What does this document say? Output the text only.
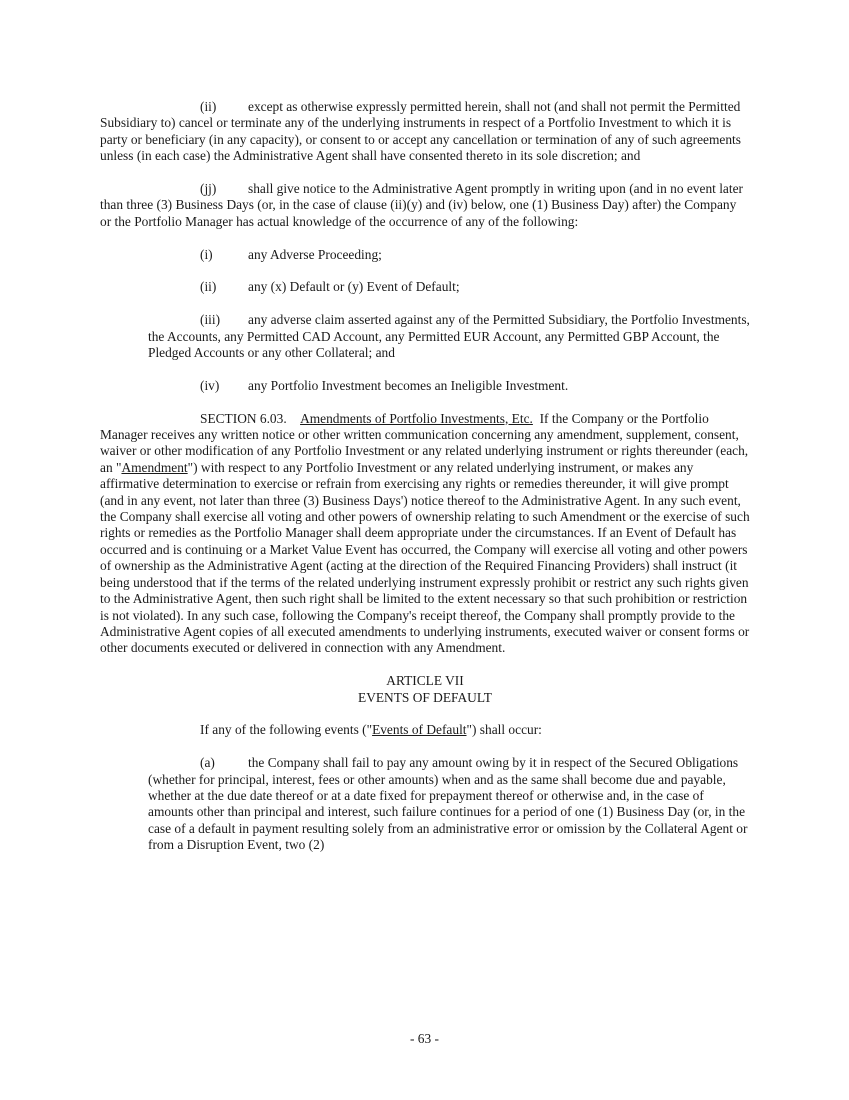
(ii) except as otherwise expressly permitted herein, shall not (and shall not permit the Permitted Subsidiary to) cancel or terminate any of the underlying instruments in respect of a Portfolio Investment to which it is party or beneficiary (in any capacity), or consent to or accept any cancellation or termination of any of such agreements unless (in each case) the Administrative Agent shall have consented thereto in its sole discretion; and

(jj) shall give notice to the Administrative Agent promptly in writing upon (and in no event later than three (3) Business Days (or, in the case of clause (ii)(y) and (iv) below, one (1) Business Day) after) the Company or the Portfolio Manager has actual knowledge of the occurrence of any of the following:

(i)	any Adverse Proceeding;

(ii) any (x) Default or (y) Event of Default;

(iii) any adverse claim asserted against any of the Permitted Subsidiary, the Portfolio Investments, the Accounts, any Permitted CAD Account, any Permitted EUR Account, any Permitted GBP Account, the Pledged Accounts or any other Collateral; and

(iv) any Portfolio Investment becomes an Ineligible Investment.

SECTION 6.03. Amendments of Portfolio Investments, Etc. If the Company or the Portfolio Manager receives any written notice or other written communication concerning any amendment, supplement, consent, waiver or other modification of any Portfolio Investment or any related underlying instrument or rights thereunder (each, an "Amendment") with respect to any Portfolio Investment or any related underlying instrument, or makes any affirmative determination to exercise or refrain from exercising any rights or remedies thereunder, it will give prompt (and in any event, not later than three (3) Business Days') notice thereof to the Administrative Agent. In any such event, the Company shall exercise all voting and other powers of ownership relating to such Amendment or the exercise of such rights or remedies as the Portfolio Manager shall deem appropriate under the circumstances. If an Event of Default has occurred and is continuing or a Market Value Event has occurred, the Company will exercise all voting and other powers of ownership as the Administrative Agent (acting at the direction of the Required Financing Providers) shall instruct (it being understood that if the terms of the related underlying instrument expressly prohibit or restrict any such rights given to the Administrative Agent, then such right shall be limited to the extent necessary so that such prohibition or restriction is not violated). In any such case, following the Company's receipt thereof, the Company shall promptly provide to the Administrative Agent copies of all executed amendments to underlying instruments, executed waiver or consent forms or other documents executed or delivered in connection with any Amendment.

ARTICLE VII

EVENTS OF DEFAULT

If any of the following events ("Events of Default") shall occur:

(a) the Company shall fail to pay any amount owing by it in respect of the Secured Obligations (whether for principal, interest, fees or other amounts) when and as the same shall become due and payable, whether at the due date thereof or at a date fixed for prepayment thereof or otherwise and, in the case of amounts other than principal and interest, such failure continues for a period of one (1) Business Day (or, in the case of a default in payment resulting solely from an administrative error or omission by the Collateral Agent or from a Disruption Event, two (2)

- 63 -
